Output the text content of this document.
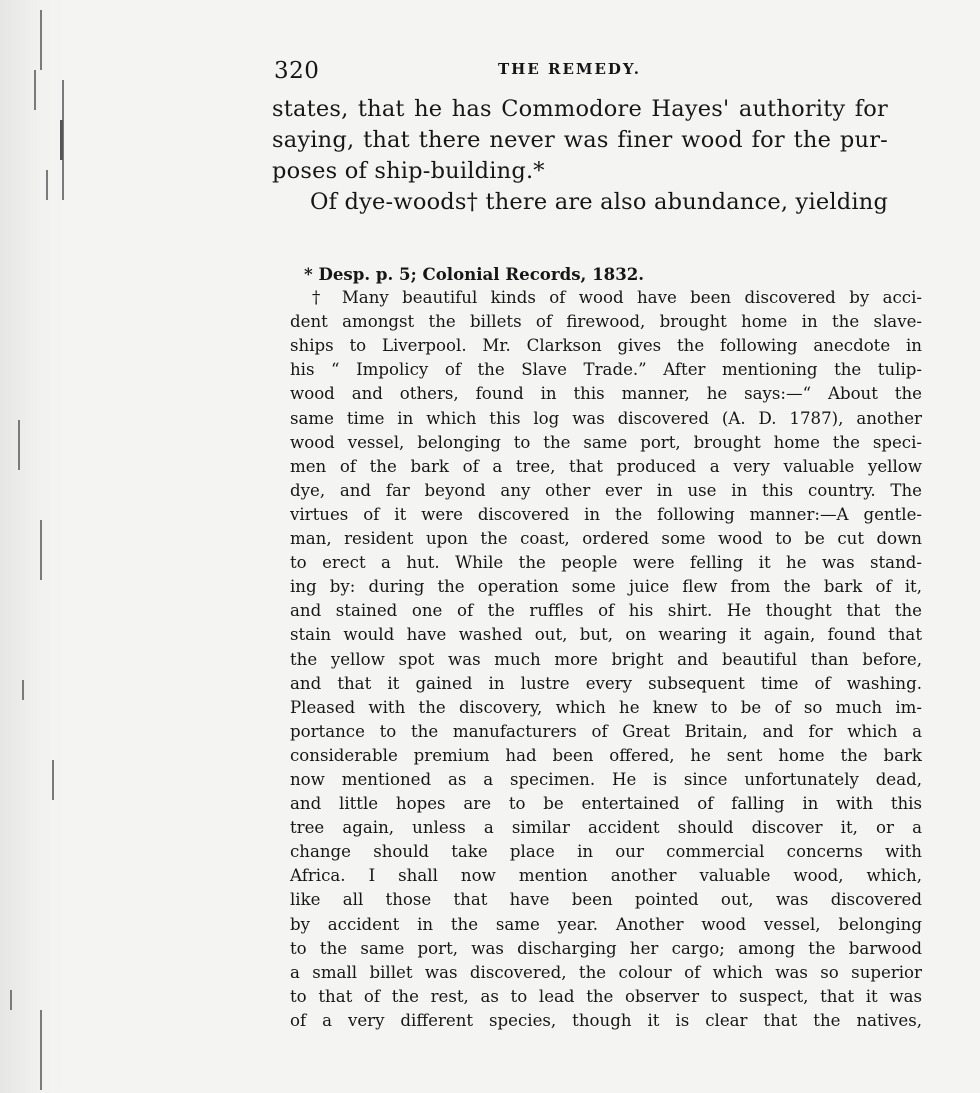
320	THE REMEDY.
states, that he has Commodore Hayes' authority for
saying, that there never was finer wood for the pur-
poses of ship-building.*
Of dye-woods† there are also abundance, yielding
* Desp. p. 5; Colonial Records, 1832.
† Many beautiful kinds of wood have been discovered by acci-
dent amongst the billets of firewood, brought home in the slave-
ships to Liverpool. Mr. Clarkson gives the following anecdote in
his “ Impolicy of the Slave Trade.” After mentioning the tulip-
wood and others, found in this manner, he says:—“ About the
same time in which this log was discovered (A. D. 1787), another
wood vessel, belonging to the same port, brought home the speci-
men of the bark of a tree, that produced a very valuable yellow
dye, and far beyond any other ever in use in this country. The
virtues of it were discovered in the following manner:—A gentle-
man, resident upon the coast, ordered some wood to be cut down
to erect a hut. While the people were felling it he was stand-
ing by: during the operation some juice flew from the bark of it,
and stained one of the ruffles of his shirt. He thought that the
stain would have washed out, but, on wearing it again, found that
the yellow spot was much more bright and beautiful than before,
and that it gained in lustre every subsequent time of washing.
Pleased with the discovery, which he knew to be of so much im-
portance to the manufacturers of Great Britain, and for which a
considerable premium had been offered, he sent home the bark
now mentioned as a specimen. He is since unfortunately dead,
and little hopes are to be entertained of falling in with this
tree again, unless a similar accident should discover it, or a
change should take place in our commercial concerns with
Africa. I shall now mention another valuable wood, which,
like all those that have been pointed out, was discovered
by accident in the same year. Another wood vessel, belonging
to the same port, was discharging her cargo; among the barwood
a small billet was discovered, the colour of which was so superior
to that of the rest, as to lead the observer to suspect, that it was
of a very different species, though it is clear that the natives,
